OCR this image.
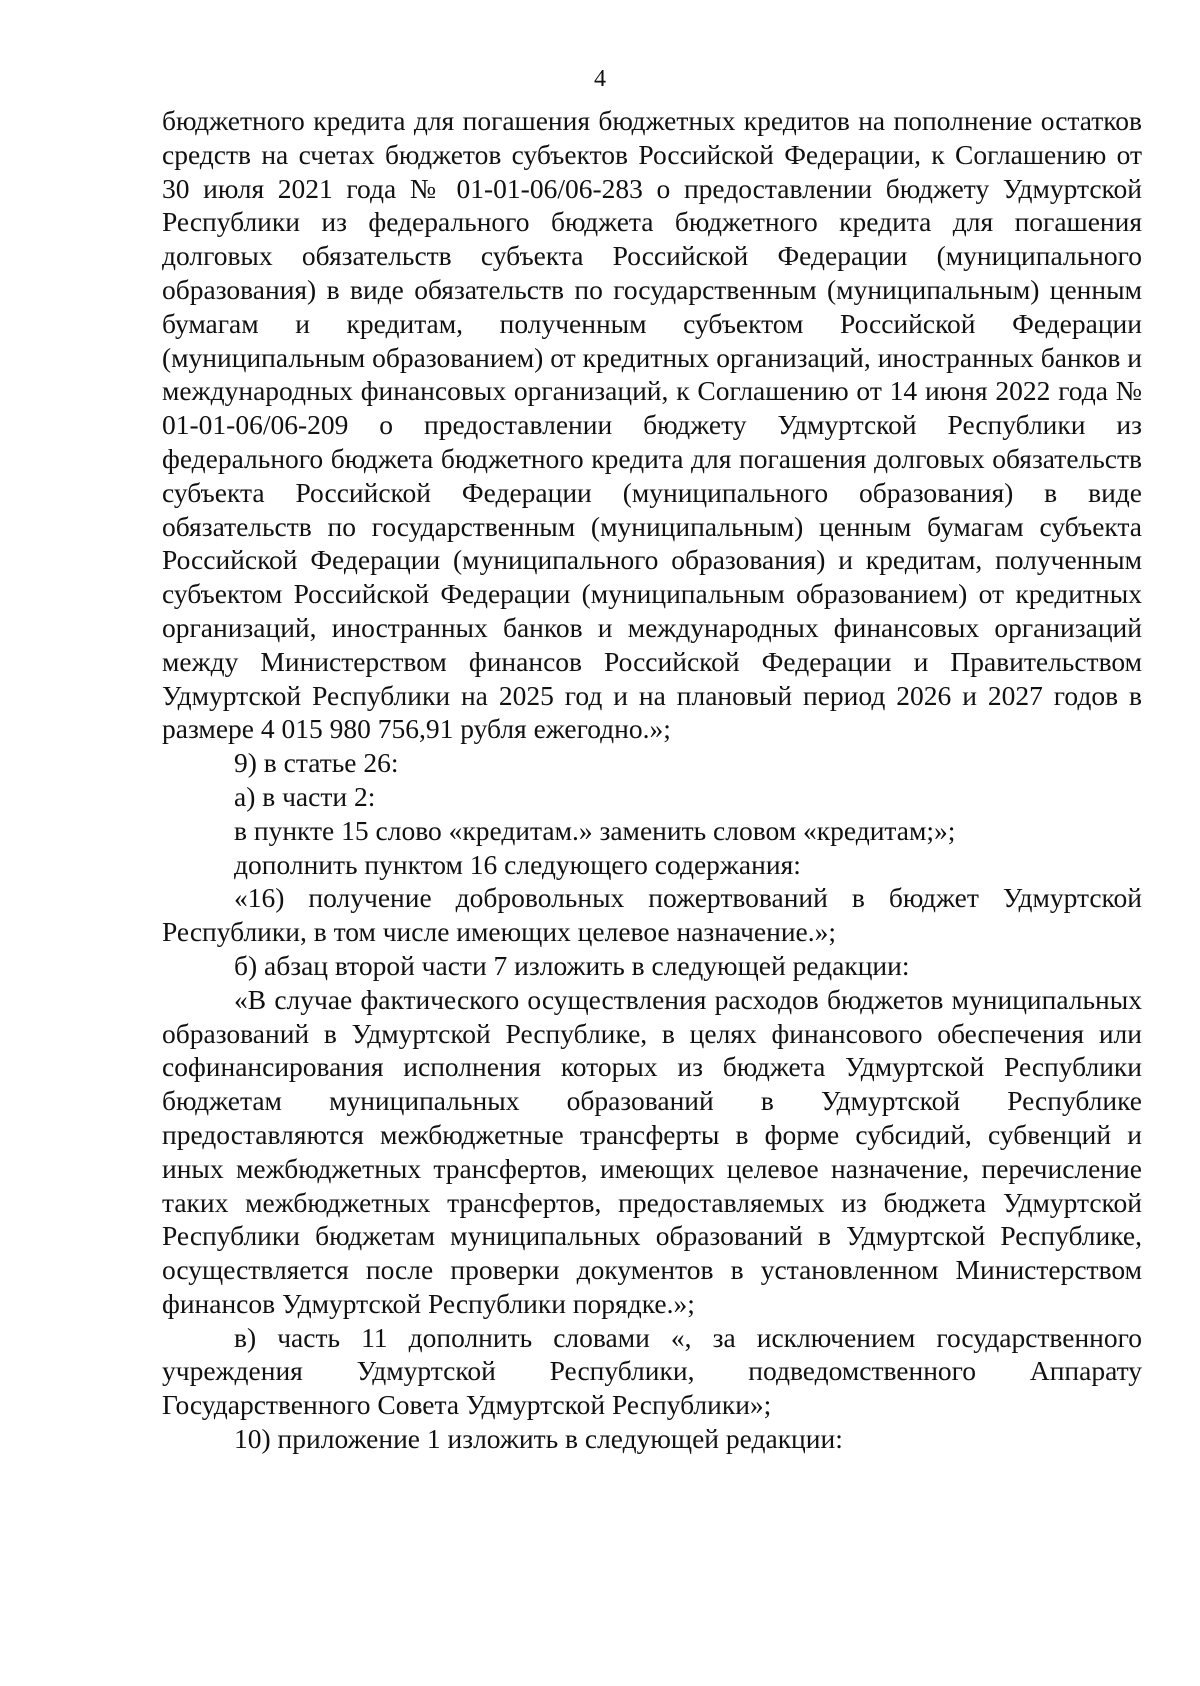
4

бюджетного кредита для погашения бюджетных кредитов на пополнение остатков средств на счетах бюджетов субъектов Российской Федерации, к Соглашению от 30 июля 2021 года № 01-01-06/06-283 о предоставлении бюджету Удмуртской Республики из федерального бюджета бюджетного кредита для погашения долговых обязательств субъекта Российской Федерации (муниципального образования) в виде обязательств по государственным (муниципальным) ценным бумагам и кредитам, полученным субъектом Российской Федерации (муниципальным образованием) от кредитных организаций, иностранных банков и международных финансовых организаций, к Соглашению от 14 июня 2022 года № 01-01-06/06-209 о предоставлении бюджету Удмуртской Республики из федерального бюджета бюджетного кредита для погашения долговых обязательств субъекта Российской Федерации (муниципального образования) в виде обязательств по государственным (муниципальным) ценным бумагам субъекта Российской Федерации (муниципального образования) и кредитам, полученным субъектом Российской Федерации (муниципальным образованием) от кредитных организаций, иностранных банков и международных финансовых организаций между Министерством финансов Российской Федерации и Правительством Удмуртской Республики на 2025 год и на плановый период 2026 и 2027 годов в размере 4 015 980 756,91 рубля ежегодно.»;

9) в статье 26:

а) в части 2:

в пункте 15 слово «кредитам.» заменить словом «кредитам;»;

дополнить пунктом 16 следующего содержания:

«16) получение добровольных пожертвований в бюджет Удмуртской Республики, в том числе имеющих целевое назначение.»;

б) абзац второй части 7 изложить в следующей редакции:

«В случае фактического осуществления расходов бюджетов муниципальных образований в Удмуртской Республике, в целях финансового обеспечения или софинансирования исполнения которых из бюджета Удмуртской Республики бюджетам муниципальных образований в Удмуртской Республике предоставляются межбюджетные трансферты в форме субсидий, субвенций и иных межбюджетных трансфертов, имеющих целевое назначение, перечисление таких межбюджетных трансфертов, предоставляемых из бюджета Удмуртской Республики бюджетам муниципальных образований в Удмуртской Республике, осуществляется после проверки документов в установленном Министерством финансов Удмуртской Республики порядке.»;

в) часть 11 дополнить словами «, за исключением государственного учреждения Удмуртской Республики, подведомственного Аппарату Государственного Совета Удмуртской Республики»;

10) приложение 1 изложить в следующей редакции:
